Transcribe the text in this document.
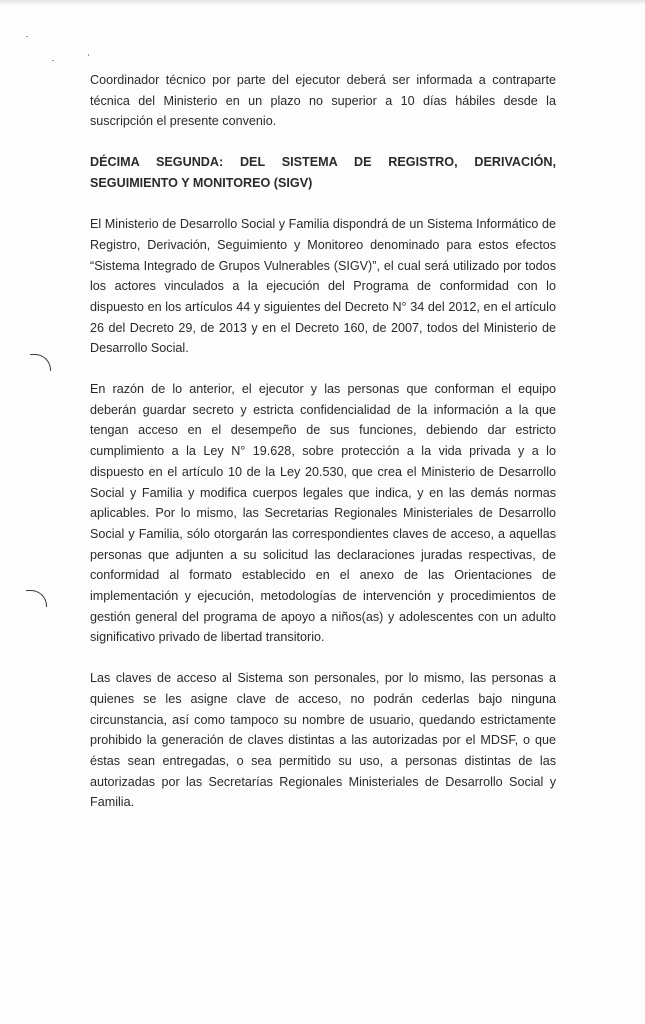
Coordinador técnico por parte del ejecutor deberá ser informada a contraparte técnica del Ministerio en un plazo no superior a 10 días hábiles desde la suscripción el presente convenio.

DÉCIMA SEGUNDA: DEL SISTEMA DE REGISTRO, DERIVACIÓN, SEGUIMIENTO Y MONITOREO (SIGV)

El Ministerio de Desarrollo Social y Familia dispondrá de un Sistema Informático de Registro, Derivación, Seguimiento y Monitoreo denominado para estos efectos “Sistema Integrado de Grupos Vulnerables (SIGV)”, el cual será utilizado por todos los actores vinculados a la ejecución del Programa de conformidad con lo dispuesto en los artículos 44 y siguientes del Decreto N° 34 del 2012, en el artículo 26 del Decreto 29, de 2013 y en el Decreto 160, de 2007, todos del Ministerio de Desarrollo Social.

En razón de lo anterior, el ejecutor y las personas que conforman el equipo deberán guardar secreto y estricta confidencialidad de la información a la que tengan acceso en el desempeño de sus funciones, debiendo dar estricto cumplimiento a la Ley N° 19.628, sobre protección a la vida privada y a lo dispuesto en el artículo 10 de la Ley 20.530, que crea el Ministerio de Desarrollo Social y Familia y modifica cuerpos legales que indica, y en las demás normas aplicables. Por lo mismo, las Secretarias Regionales Ministeriales de Desarrollo Social y Familia, sólo otorgarán las correspondientes claves de acceso, a aquellas personas que adjunten a su solicitud las declaraciones juradas respectivas, de conformidad al formato establecido en el anexo de las Orientaciones de implementación y ejecución, metodologías de intervención y procedimientos de gestión general del programa de apoyo a niños(as) y adolescentes con un adulto significativo privado de libertad transitorio.

Las claves de acceso al Sistema son personales, por lo mismo, las personas a quienes se les asigne clave de acceso, no podrán cederlas bajo ninguna circunstancia, así como tampoco su nombre de usuario, quedando estrictamente prohibido la generación de claves distintas a las autorizadas por el MDSF, o que éstas sean entregadas, o sea permitido su uso, a personas distintas de las autorizadas por las Secretarías Regionales Ministeriales de Desarrollo Social y Familia.
